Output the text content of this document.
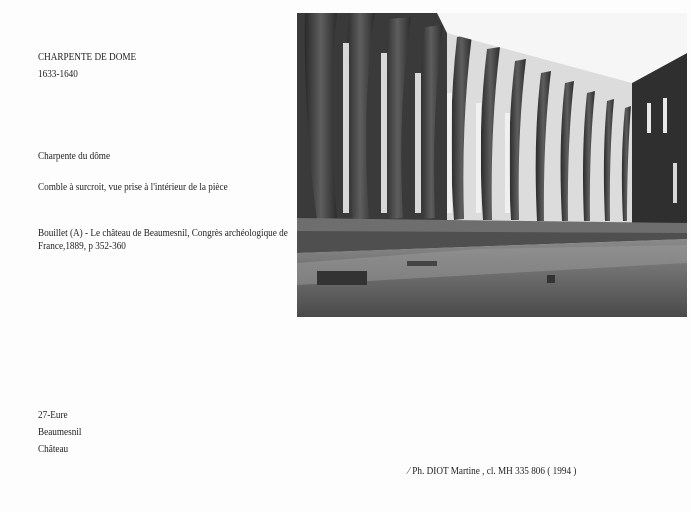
CHARPENTE DE DOME
1633-1640
Charpente du dôme
Comble à surcroit, vue prise à l'intérieur de la pièce
Bouillet (A) - Le château de Beaumesnil, Congrès archéologique de France,1889, p 352-360
27-Eure
Beaumesnil
Château
⁄ Ph. DIOT Martine , cl. MH 335 806 ( 1994 )
